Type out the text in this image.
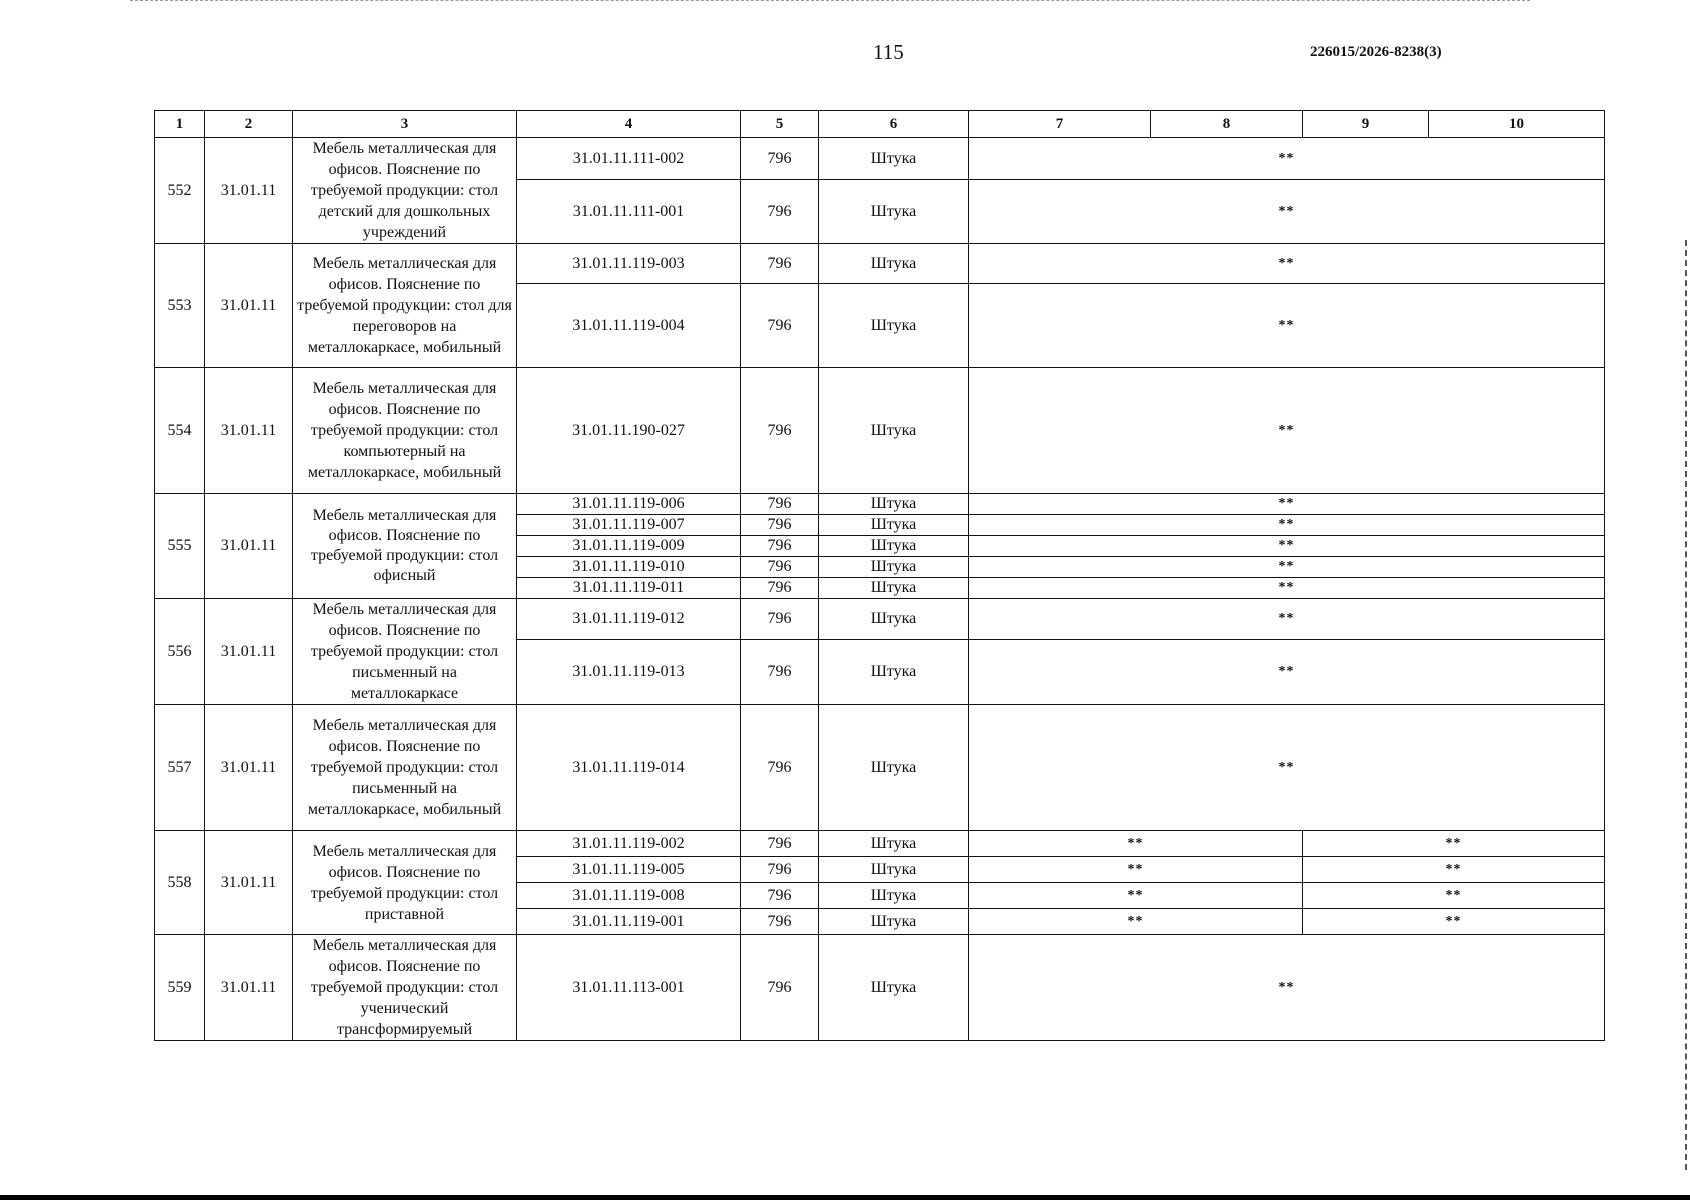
115	226015/2026-8238(3)
1	2	3	4	5	6	7	8	9	10
552	31.01.11	Мебель металлическая для офисов. Пояснение по требуемой продукции: стол детский для дошкольных учреждений	31.01.11.111-002	796	Штука	**			
			31.01.11.111-001	796	Штука	**			
553	31.01.11	Мебель металлическая для офисов. Пояснение по требуемой продукции: стол для переговоров на металлокаркасе, мобильный	31.01.11.119-003	796	Штука	**			
			31.01.11.119-004	796	Штука	**			
554	31.01.11	Мебель металлическая для офисов. Пояснение по требуемой продукции: стол компьютерный на металлокаркасе, мобильный	31.01.11.190-027	796	Штука	**			
555	31.01.11	Мебель металлическая для офисов. Пояснение по требуемой продукции: стол офисный	31.01.11.119-006	796	Штука	**			
			31.01.11.119-007	796	Штука	**			
			31.01.11.119-009	796	Штука	**			
			31.01.11.119-010	796	Штука	**			
			31.01.11.119-011	796	Штука	**			
556	31.01.11	Мебель металлическая для офисов. Пояснение по требуемой продукции: стол письменный на металлокаркасе	31.01.11.119-012	796	Штука	**			
			31.01.11.119-013	796	Штука	**			
557	31.01.11	Мебель металлическая для офисов. Пояснение по требуемой продукции: стол письменный на металлокаркасе, мобильный	31.01.11.119-014	796	Штука	**			
558	31.01.11	Мебель металлическая для офисов. Пояснение по требуемой продукции: стол приставной	31.01.11.119-002	796	Штука	**		**	
			31.01.11.119-005	796	Штука	**		**	
			31.01.11.119-008	796	Штука	**		**	
			31.01.11.119-001	796	Штука	**		**	
559	31.01.11	Мебель металлическая для офисов. Пояснение по требуемой продукции: стол ученический трансформируемый	31.01.11.113-001	796	Штука	**			
